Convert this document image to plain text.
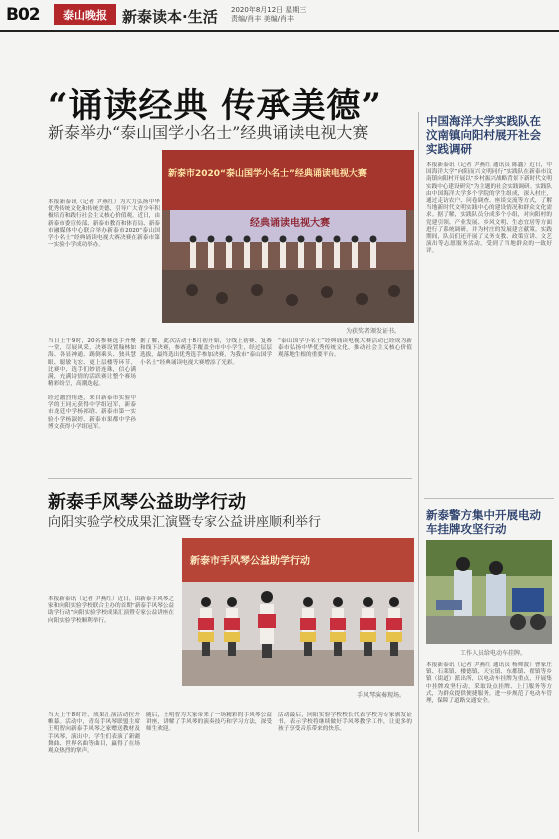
B02	泰山晚报	新泰读本·生活 2020年8月12日 星期三
责编/肖丰 美编/肖丰
“诵读经典 传承美德”
新泰举办“泰山国学小名士”经典诵读电视大赛
本报新泰讯（记者 尹燕红）为大力弘扬中华优秀传统文化和传统美德，引导广大青少年积极培育和践行社会主义核心价值观。近日，由新泰市委宣传部、新泰市教育和体育局、新泰市融媒体中心联合举办新泰市2020“泰山国学小名士”经典诵读电视大赛决赛在新泰市第一实验小学成功举办。
新泰市2020“泰山国学小名士”经典诵读电视大赛
经典诵读电视大赛
为获奖者颁发证书。
当日上午9时，20名参赛选手齐聚一堂，尽展风采，决赛设置翰林如海、各显神通、踢倒乘头、独具慧眼、聪敏飞宏、更上层楼等环节，比赛中，选手们妙语连珠，信心满满，充满诗情的活跃赛让整个赛场精彩纷呈，高潮迭起。
经过激烈角逐，来自新泰市实验中学的王同元获得中学组冠军，新泰市龙廷中学杨祁晗、新泰市第一实验小学杨淑婷、新泰市果都中学孙博文获得小学组冠军。
据了解，此次活动于8月初开始，分线上初赛、复赛和线下决赛，参赛选手覆盖全市中小学生，经过层层选拔，最终选出优秀选手参加决赛，为我市“泰山国学小名士”经典诵读电视大赛增添了光彩。
“泰山国学小名士”经典诵读电视大赛活动已经成为新泰市弘扬中华优秀传统文化、推动社会主义核心价值观落地生根的重要平台。
新泰手风琴公益助学行动
向阳实验学校成果汇演暨专家公益讲座顺利举行
本报新泰讯（记者 尹燕红）近日，由新泰手风琴之家和向阳实验学校联合主办的首期“新泰手风琴公益助学行动”向阳实验学校成果汇演暨专家公益讲座在向阳实验学校顺利举行。
新泰市手风琴公益助学行动
手风琴演奏现场。
当天上午8时许，成果汇演活动拉开帷幕。活动中，青岛手风琴联盟主席王明智向新泰手风琴之家赠送教材及手风琴，演出中，学生们表演了新疆舞曲、世界名曲等曲目，赢得了在场观众热烈的掌声。
随后，王明智为大家带来了一场精彩的手风琴公益讲座，讲解了手风琴的演奏技巧和学习方法，深受师生欢迎。
活动最后，向阳实验学校校长代表学校为专家颁发证书，表示学校将继续做好手风琴教学工作，让更多的孩子享受音乐带来的快乐。
中国海洋大学实践队在汶南镇向阳村展开社会实践调研
本报新泰讯（记者 尹燕红 通讯员 陈鑫）近日，中国海洋大学“向阳而兴文明同行”实践队在新泰市汶南镇向阳村开展以“乡村振兴战略背景下新时代文明实践中心建设研究”为主题的社会实践调研。实践队由中国海洋大学多个学院的学生组成，深入村庄，通过走访农户、问卷调查、座谈交流等方式，了解当地新时代文明实践中心的建设情况和群众文化需求。据了解，实践队员分成多个小组，对向阳村的党建引领、产业发展、乡风文明、生态宜居等方面进行了系统调研，并为村庄的发展建言献策。实践期间，队员们还开展了义务支教、政策宣讲、文艺演出等志愿服务活动，受到了当地群众的一致好评。
新泰警方集中开展电动车挂牌攻坚行动
工作人员给电动车挂牌。
本报新泰讯（记者 尹燕红 通讯员 杨帅波）曹家庄镇、石莱镇、楼德镇、天宝镇、东都镇、翟镇等乡镇（街道）派出所，以电动车挂牌为重点，开展集中挂牌攻坚行动，采取设点挂牌、上门服务等方式，为群众提供便捷服务，进一步规范了电动车管理，保障了道路交通安全。
